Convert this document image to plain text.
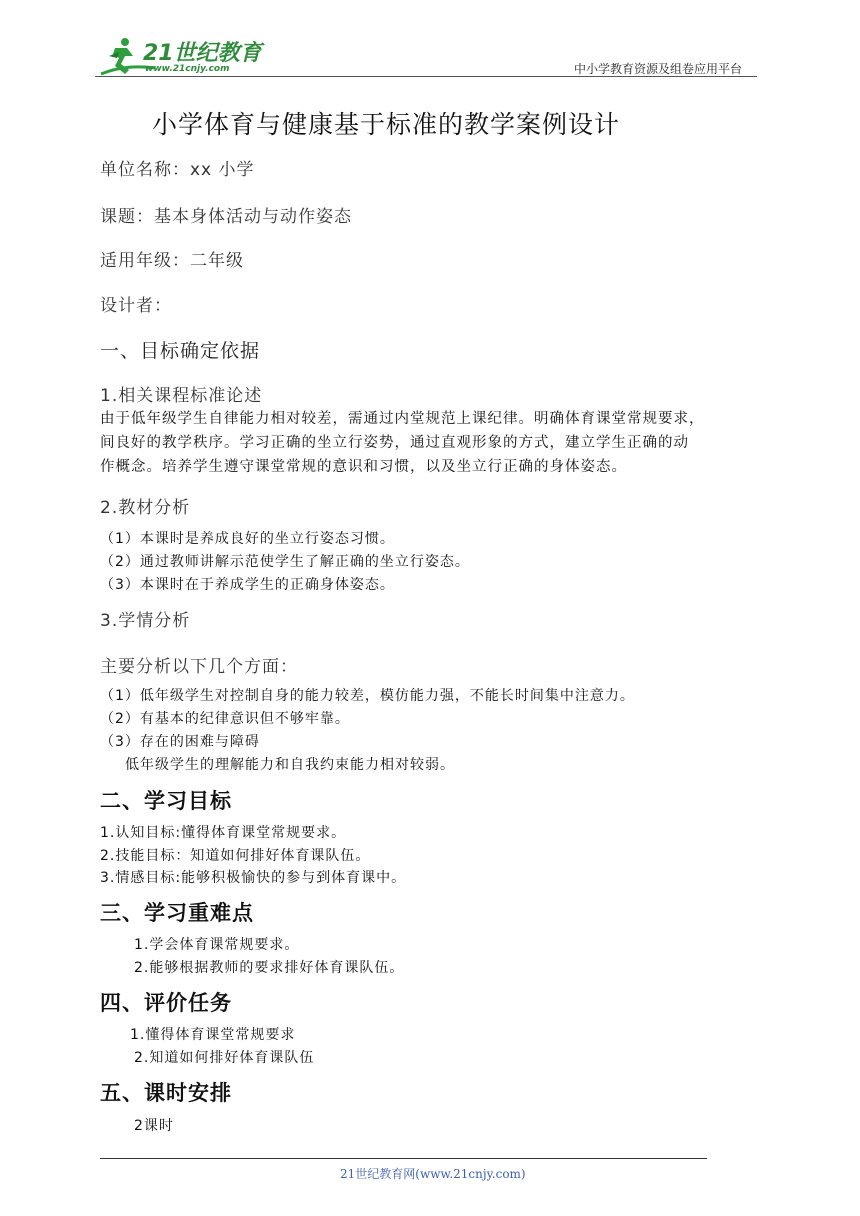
21世纪教育
www.21cnjy.com	中小学教育资源及组卷应用平台
小学体育与健康基于标准的教学案例设计
单位名称：xx 小学
课题：基本身体活动与动作姿态
适用年级：二年级
设计者：
一、目标确定依据
1.相关课程标准论述
由于低年级学生自律能力相对较差，需通过内堂规范上课纪律。明确体育课堂常规要求，
间良好的教学秩序。学习正确的坐立行姿势，通过直观形象的方式，建立学生正确的动
作概念。培养学生遵守课堂常规的意识和习惯，以及坐立行正确的身体姿态。
2.教材分析
（1）本课时是养成良好的坐立行姿态习惯。
（2）通过教师讲解示范使学生了解正确的坐立行姿态。
（3）本课时在于养成学生的正确身体姿态。
3.学情分析
主要分析以下几个方面：
（1）低年级学生对控制自身的能力较差，模仿能力强，不能长时间集中注意力。
（2）有基本的纪律意识但不够牢靠。
（3）存在的困难与障碍
低年级学生的理解能力和自我约束能力相对较弱。
二、学习目标
1.认知目标:懂得体育课堂常规要求。
2.技能目标：知道如何排好体育课队伍。
3.情感目标:能够积极愉快的参与到体育课中。
三、学习重难点
1.学会体育课常规要求。
2.能够根据教师的要求排好体育课队伍。
四、评价任务
1.懂得体育课堂常规要求
2.知道如何排好体育课队伍
五、课时安排
2课时
21世纪教育网(www.21cnjy.com)
